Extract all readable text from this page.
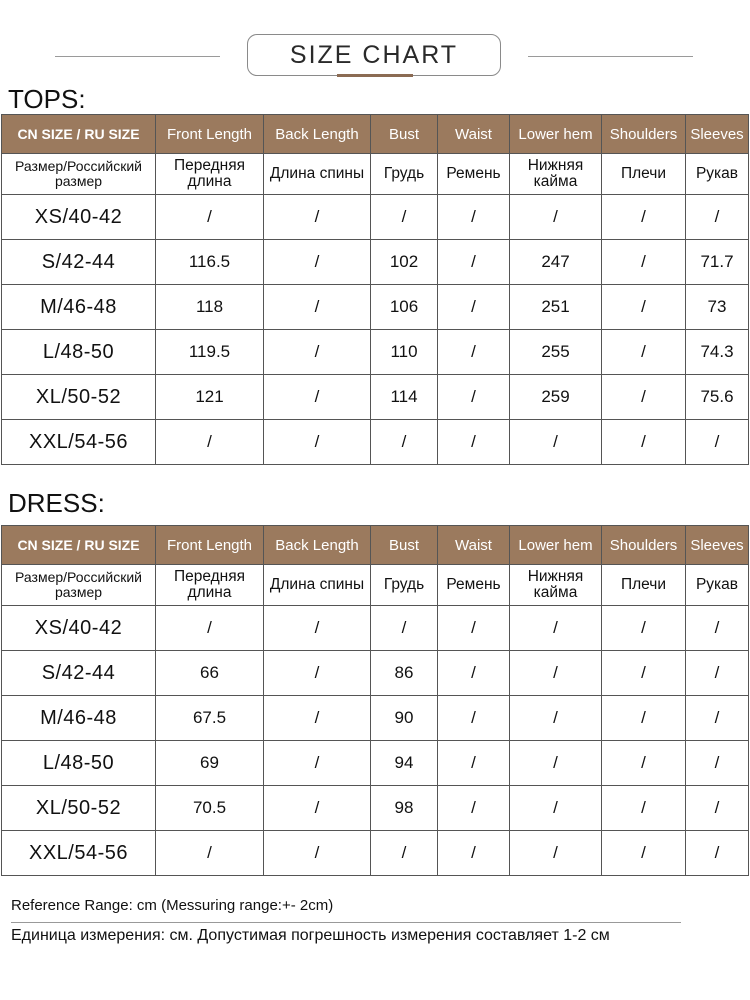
SIZE CHART
TOPS:
CN SIZE / RU SIZE	Front Length	Back Length	Bust	Waist	Lower hem	Shoulders	Sleeves
Размер/Российский размер	Передняя длина	Длина спины	Грудь	Ремень	Нижняя кайма	Плечи	Рукав
XS/40-42	/	/	/	/	/	/	/
S/42-44	116.5	/	102	/	247	/	71.7
M/46-48	118	/	106	/	251	/	73
L/48-50	119.5	/	110	/	255	/	74.3
XL/50-52	121	/	114	/	259	/	75.6
XXL/54-56	/	/	/	/	/	/	/
DRESS:
CN SIZE / RU SIZE	Front Length	Back Length	Bust	Waist	Lower hem	Shoulders	Sleeves
Размер/Российский размер	Передняя длина	Длина спины	Грудь	Ремень	Нижняя кайма	Плечи	Рукав
XS/40-42	/	/	/	/	/	/	/
S/42-44	66	/	86	/	/	/	/
M/46-48	67.5	/	90	/	/	/	/
L/48-50	69	/	94	/	/	/	/
XL/50-52	70.5	/	98	/	/	/	/
XXL/54-56	/	/	/	/	/	/	/
Reference Range: cm (Messuring range:+- 2cm)
Единица измерения: см. Допустимая погрешность измерения составляет 1-2 см
